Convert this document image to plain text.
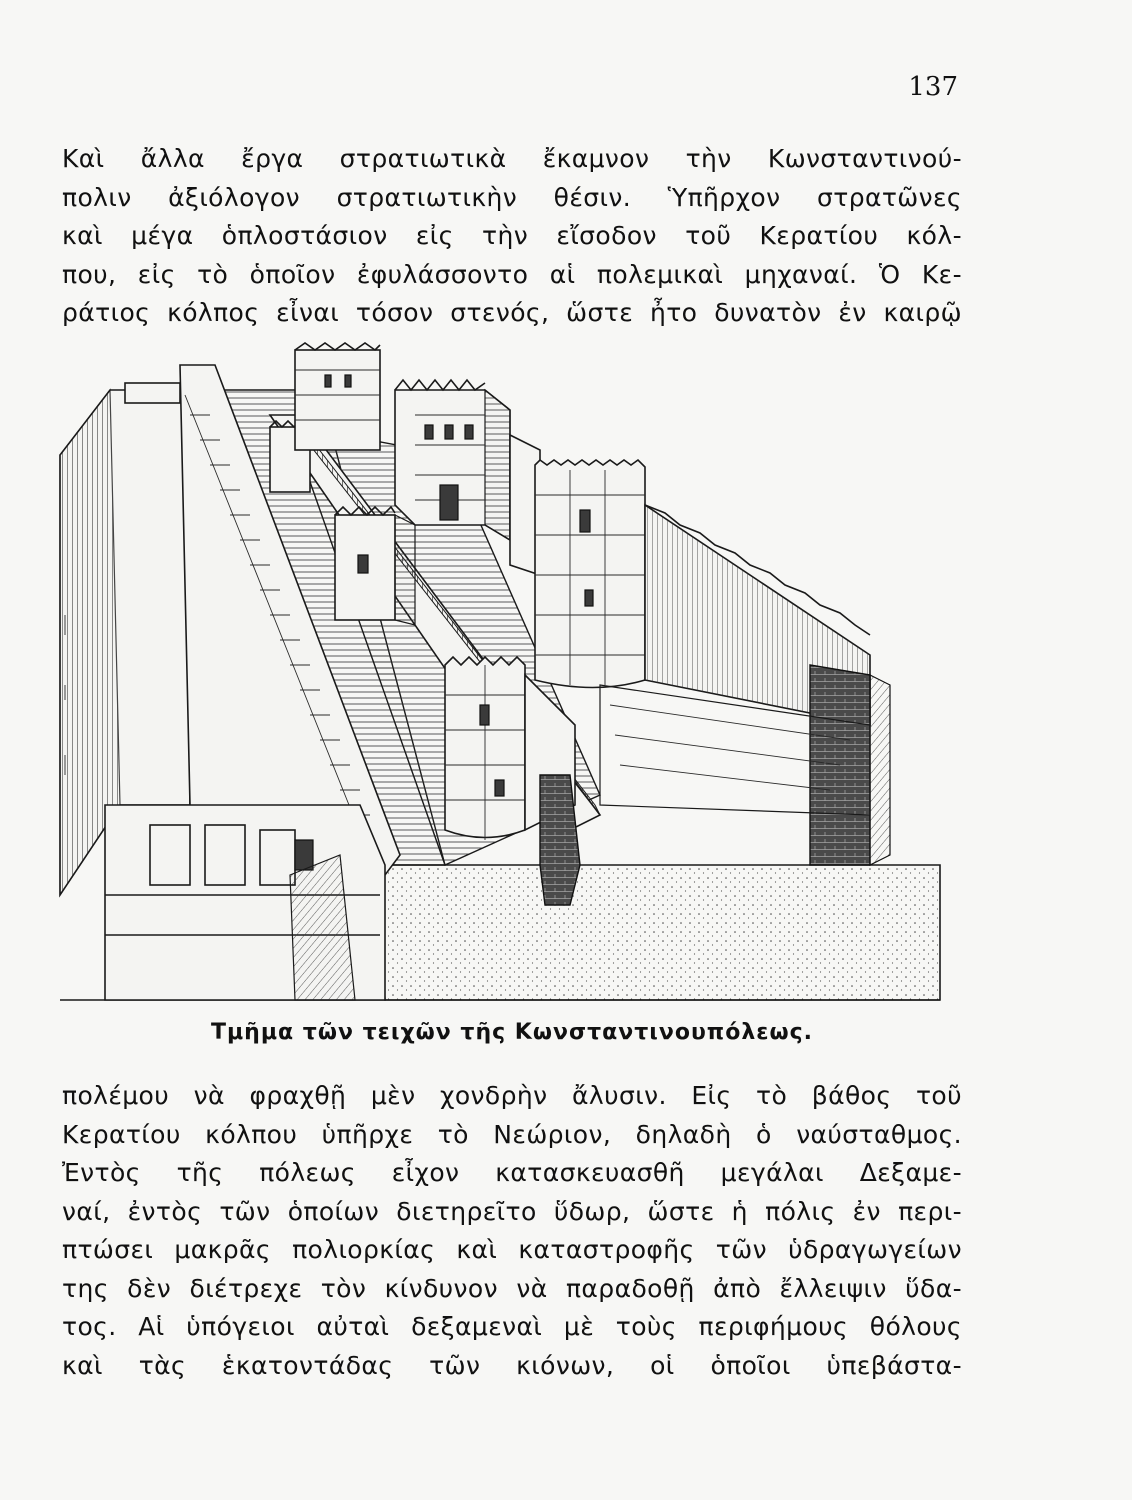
137
Καὶ ἄλλα ἔργα στρατιωτικὰ ἔκαμνον τὴν Κωνσταντινού-
πολιν ἀξιόλογον στρατιωτικὴν θέσιν. Ὑπῆρχον στρατῶνες
καὶ μέγα ὁπλοστάσιον εἰς τὴν εἴσοδον τοῦ Κερατίου κόλ-
που, εἰς τὸ ὁποῖον ἐφυλάσσοντο αἱ πολεμικαὶ μηχαναί. Ὁ Κε-
ράτιος κόλπος εἶναι τόσον στενός, ὥστε ἦτο δυνατὸν ἐν καιρῷ
Τμῆμα τῶν τειχῶν τῆς Κωνσταντινουπόλεως.
πολέμου νὰ φραχθῇ μὲν χονδρὴν ἄλυσιν. Εἰς τὸ βάθος τοῦ
Κερατίου κόλπου ὑπῆρχε τὸ Νεώριον, δηλαδὴ ὁ ναύσταθμος.
Ἐντὸς τῆς πόλεως εἶχον κατασκευασθῆ μεγάλαι Δεξαμε-
ναί, ἐντὸς τῶν ὁποίων διετηρεῖτο ὕδωρ, ὥστε ἡ πόλις ἐν περι-
πτώσει μακρᾶς πολιορκίας καὶ καταστροφῆς τῶν ὑδραγωγείων
της δὲν διέτρεχε τὸν κίνδυνον νὰ παραδοθῇ ἀπὸ ἔλλειψιν ὕδα-
τος. Αἱ ὑπόγειοι αὐταὶ δεξαμεναὶ μὲ τοὺς περιφήμους θόλους
καὶ τὰς ἑκατοντάδας τῶν κιόνων, οἱ ὁποῖοι ὑπεβάστα-
